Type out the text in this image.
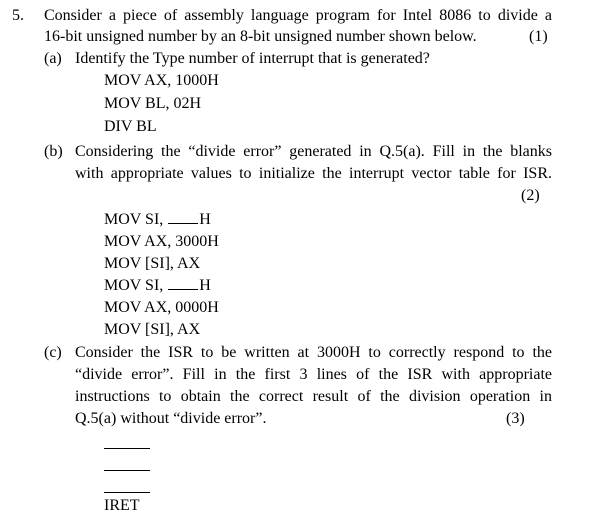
5. Consider a piece of assembly language program for Intel 8086 to divide a
16-bit unsigned number by an 8-bit unsigned number shown below.	(1)
(a) Identify the Type number of interrupt that is generated?
MOV AX, 1000H
MOV BL, 02H
DIV BL
(b) Considering the “divide error” generated in Q.5(a). Fill in the blanks
with appropriate values to initialize the interrupt vector table for ISR.
(2)
MOV SI, H
MOV AX, 3000H
MOV [SI], AX
MOV SI, H
MOV AX, 0000H
MOV [SI], AX
(c) Consider the ISR to be written at 3000H to correctly respond to the
“divide error”. Fill in the first 3 lines of the ISR with appropriate
instructions to obtain the correct result of the division operation in
Q.5(a) without “divide error”.	(3)
IRET
